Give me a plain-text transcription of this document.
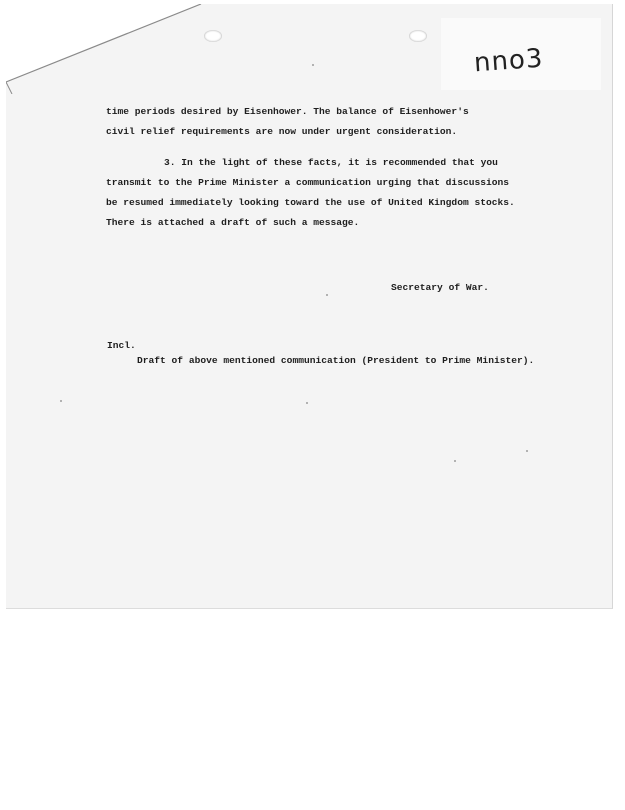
nno3
time periods desired by Eisenhower. The balance of Eisenhower's
civil relief requirements are now under urgent consideration.
3. In the light of these facts, it is recommended that you
transmit to the Prime Minister a communication urging that discussions
be resumed immediately looking toward the use of United Kingdom stocks.
There is attached a draft of such a message.
Secretary of War.
Incl.
Draft of above mentioned communication (President to Prime Minister).
